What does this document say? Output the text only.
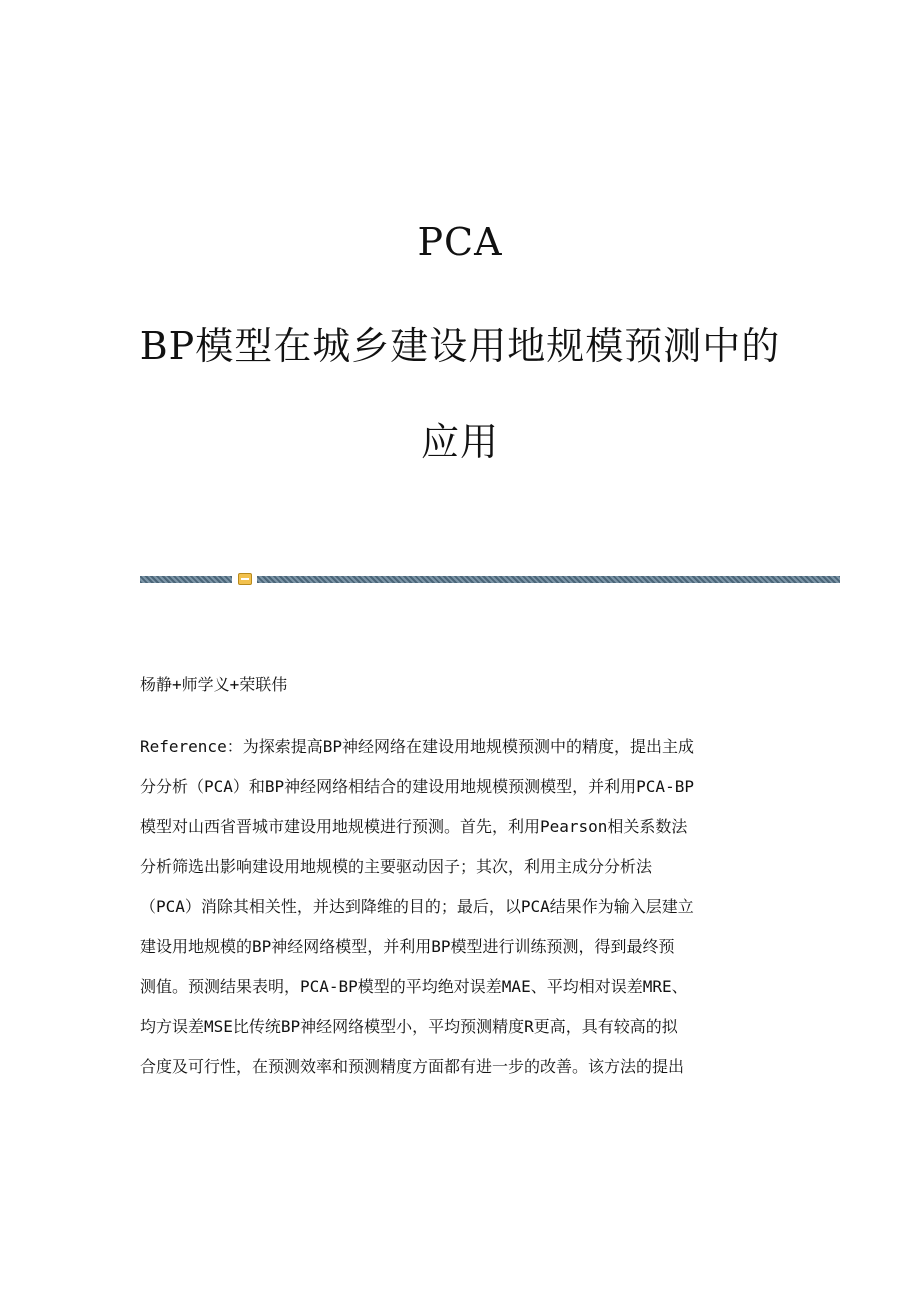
PCA
BP模型在城乡建设用地规模预测中的
应用

杨静+师学义+荣联伟

Reference：为探索提高BP神经网络在建设用地规模预测中的精度，提出主成
分分析（PCA）和BP神经网络相结合的建设用地规模预测模型，并利用PCA-BP
模型对山西省晋城市建设用地规模进行预测。首先，利用Pearson相关系数法
分析筛选出影响建设用地规模的主要驱动因子；其次，利用主成分分析法
（PCA）消除其相关性，并达到降维的目的；最后，以PCA结果作为输入层建立
建设用地规模的BP神经网络模型，并利用BP模型进行训练预测，得到最终预
测值。预测结果表明，PCA-BP模型的平均绝对误差MAE、平均相对误差MRE、
均方误差MSE比传统BP神经网络模型小，平均预测精度R更高，具有较高的拟
合度及可行性，在预测效率和预测精度方面都有进一步的改善。该方法的提出
